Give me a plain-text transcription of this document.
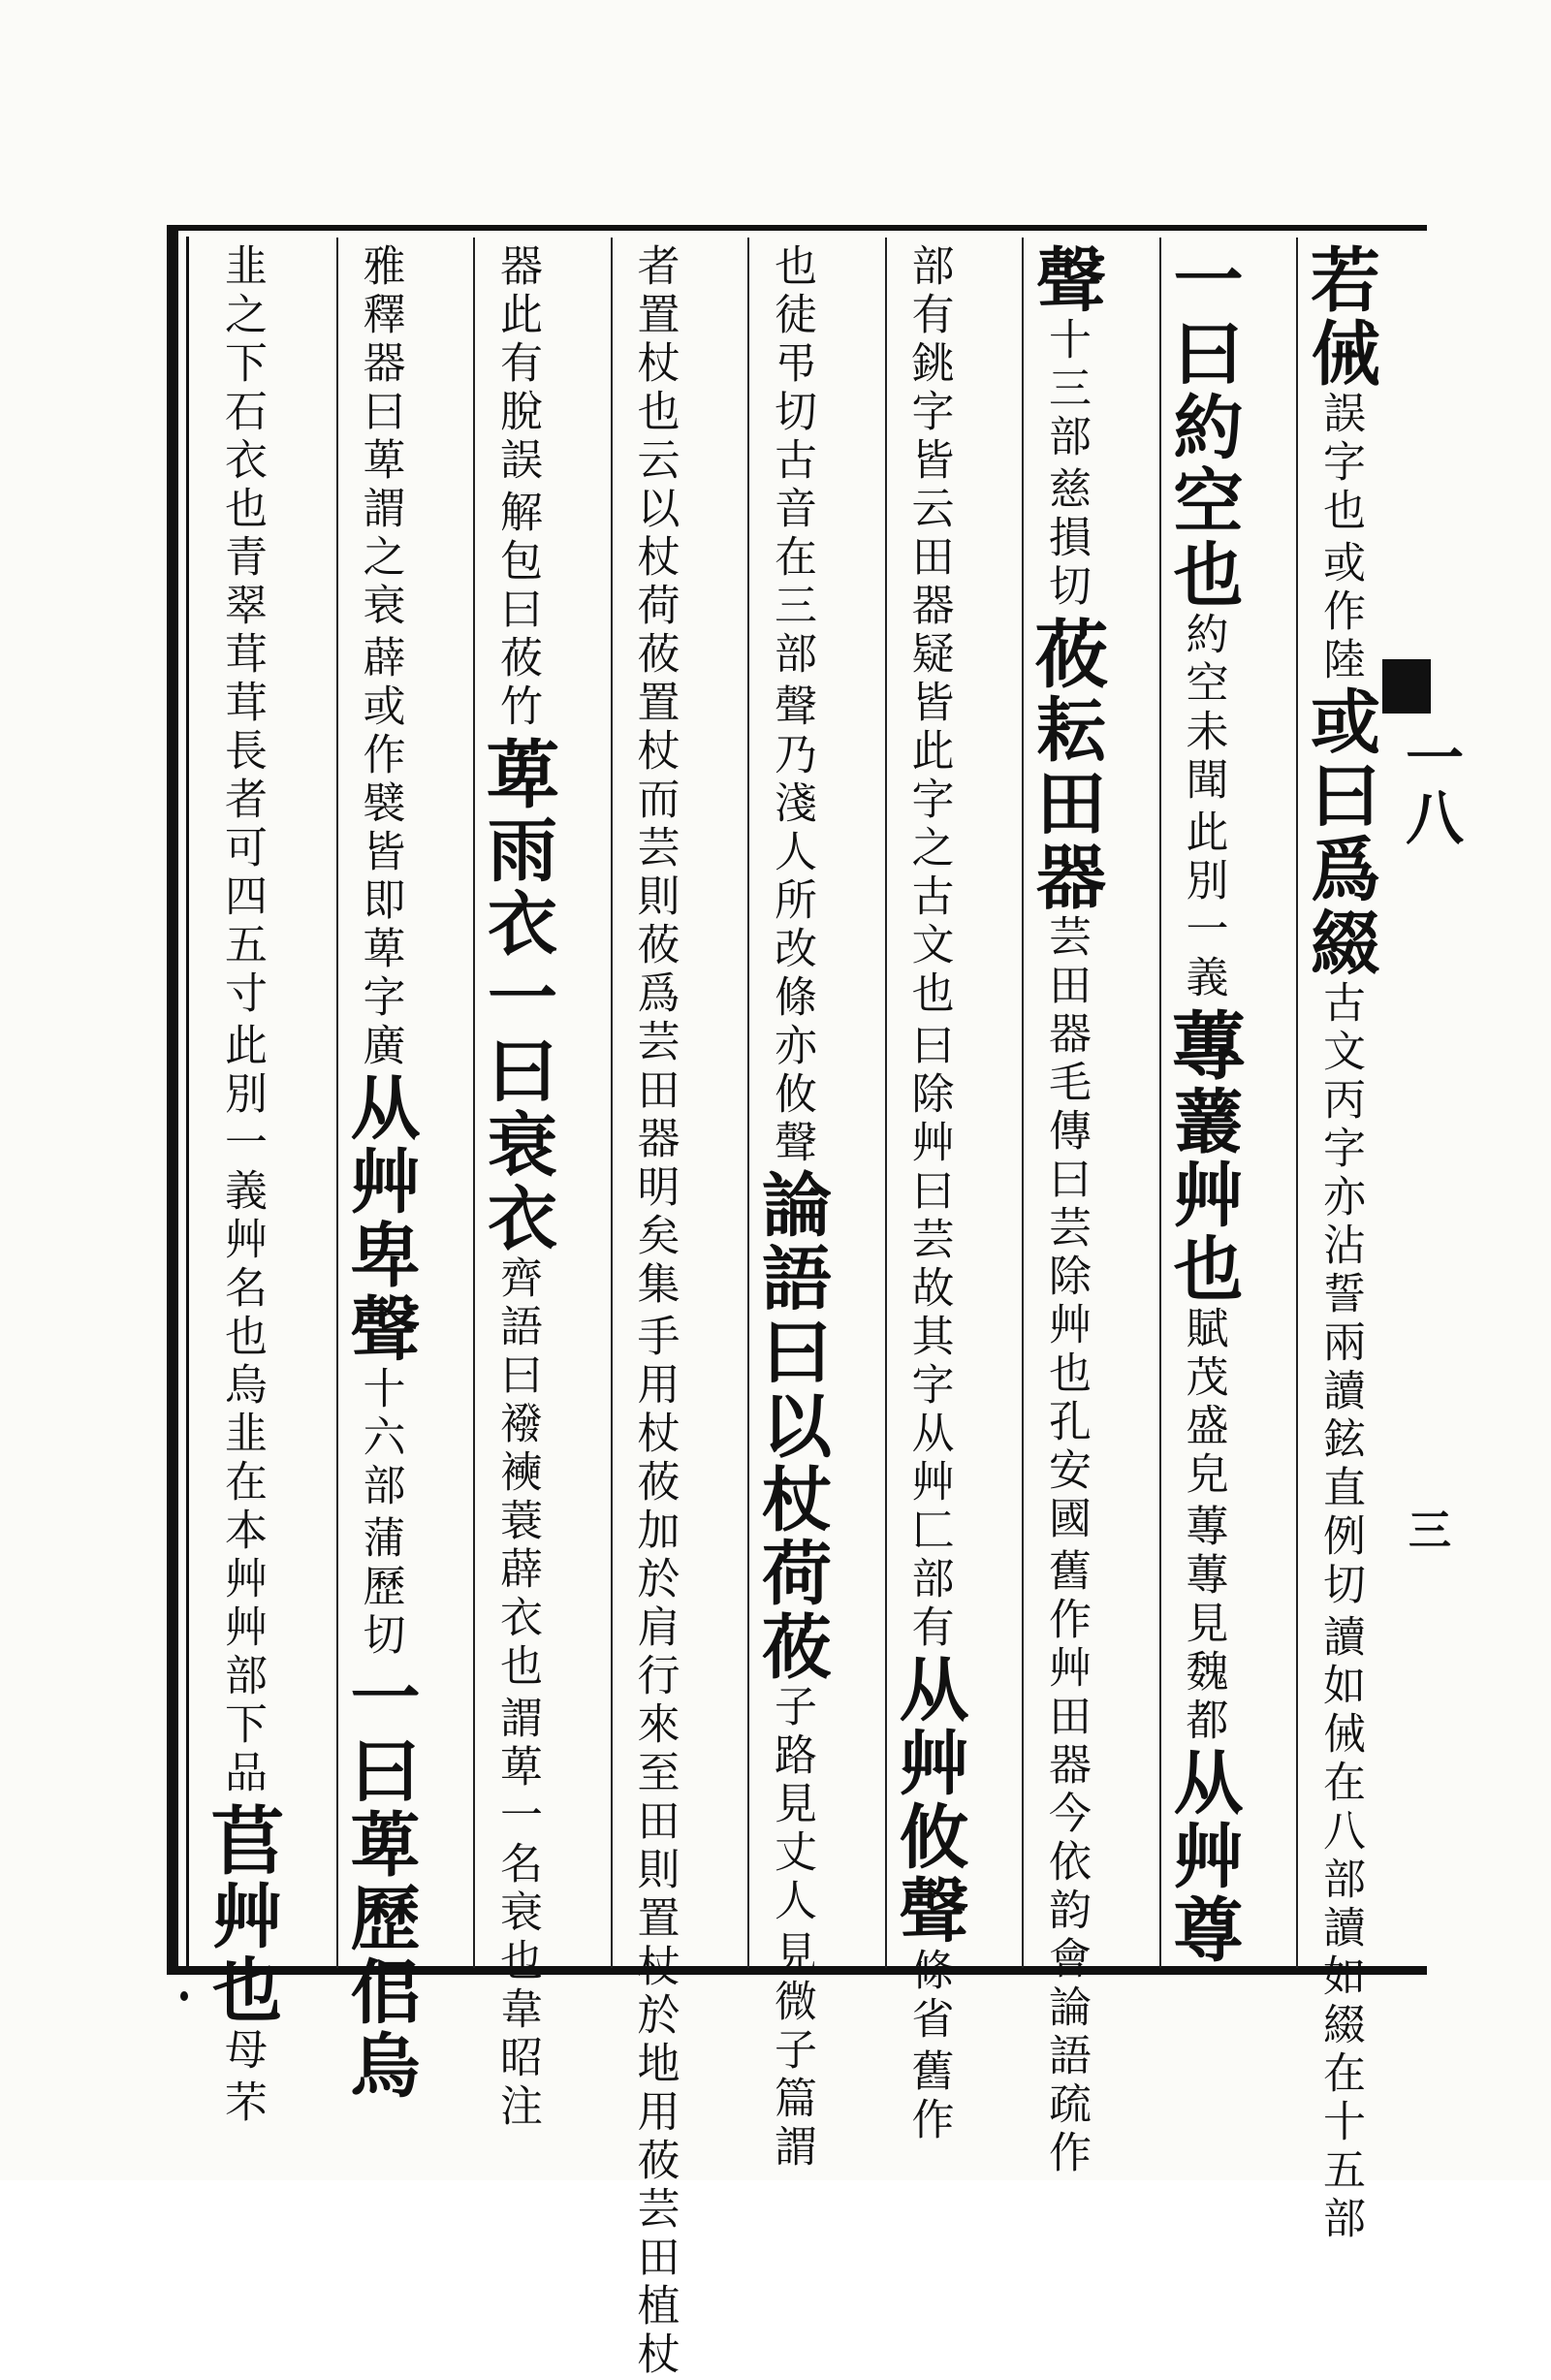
若㑘
或作陸
誤字也
或曰爲綴
讀如㑘在八部讀如綴在十五部
古文丙字亦沾誓兩讀鉉直例切
一曰約空也
此別一義
約空未聞
蓴
䕺艸也
蓴蓴見魏都
賦茂盛皃
从艸尊
聲
慈損切
十三部
莜
耘田器
舊作艸田器今依韵會論語疏作
芸田器毛傳曰芸除艸也孔安國
曰除艸曰芸故其字从艸匚部有
部有銚字皆云田器疑皆此字之古文也
从艸攸聲
舊作
條省
聲乃淺人所改條亦攸聲
也徒弔切古音在三部
論語曰以杖荷莜
見微子篇謂
子路見丈人
手用杖莜加於肩行來至田則置杖於地用莜芸田植杖
者置杖也云以杖荷莜置杖而芸則莜爲芸田器明矣集
解包曰莜竹
器此有脫誤
萆
雨衣一曰衰衣
謂萆一名衰也韋昭注
齊語曰襏襫蓑薜衣也
薜或作襞皆即萆字廣
雅釋器曰萆謂之衰
从艸卑聲
蒲歷切
十六部
一曰萆歷佀烏
此別一義艸名也烏韭在本艸艸部下品
韭之下石衣也青翠茸茸長者可四五寸
苢
艸也
芣
母
一八
三
